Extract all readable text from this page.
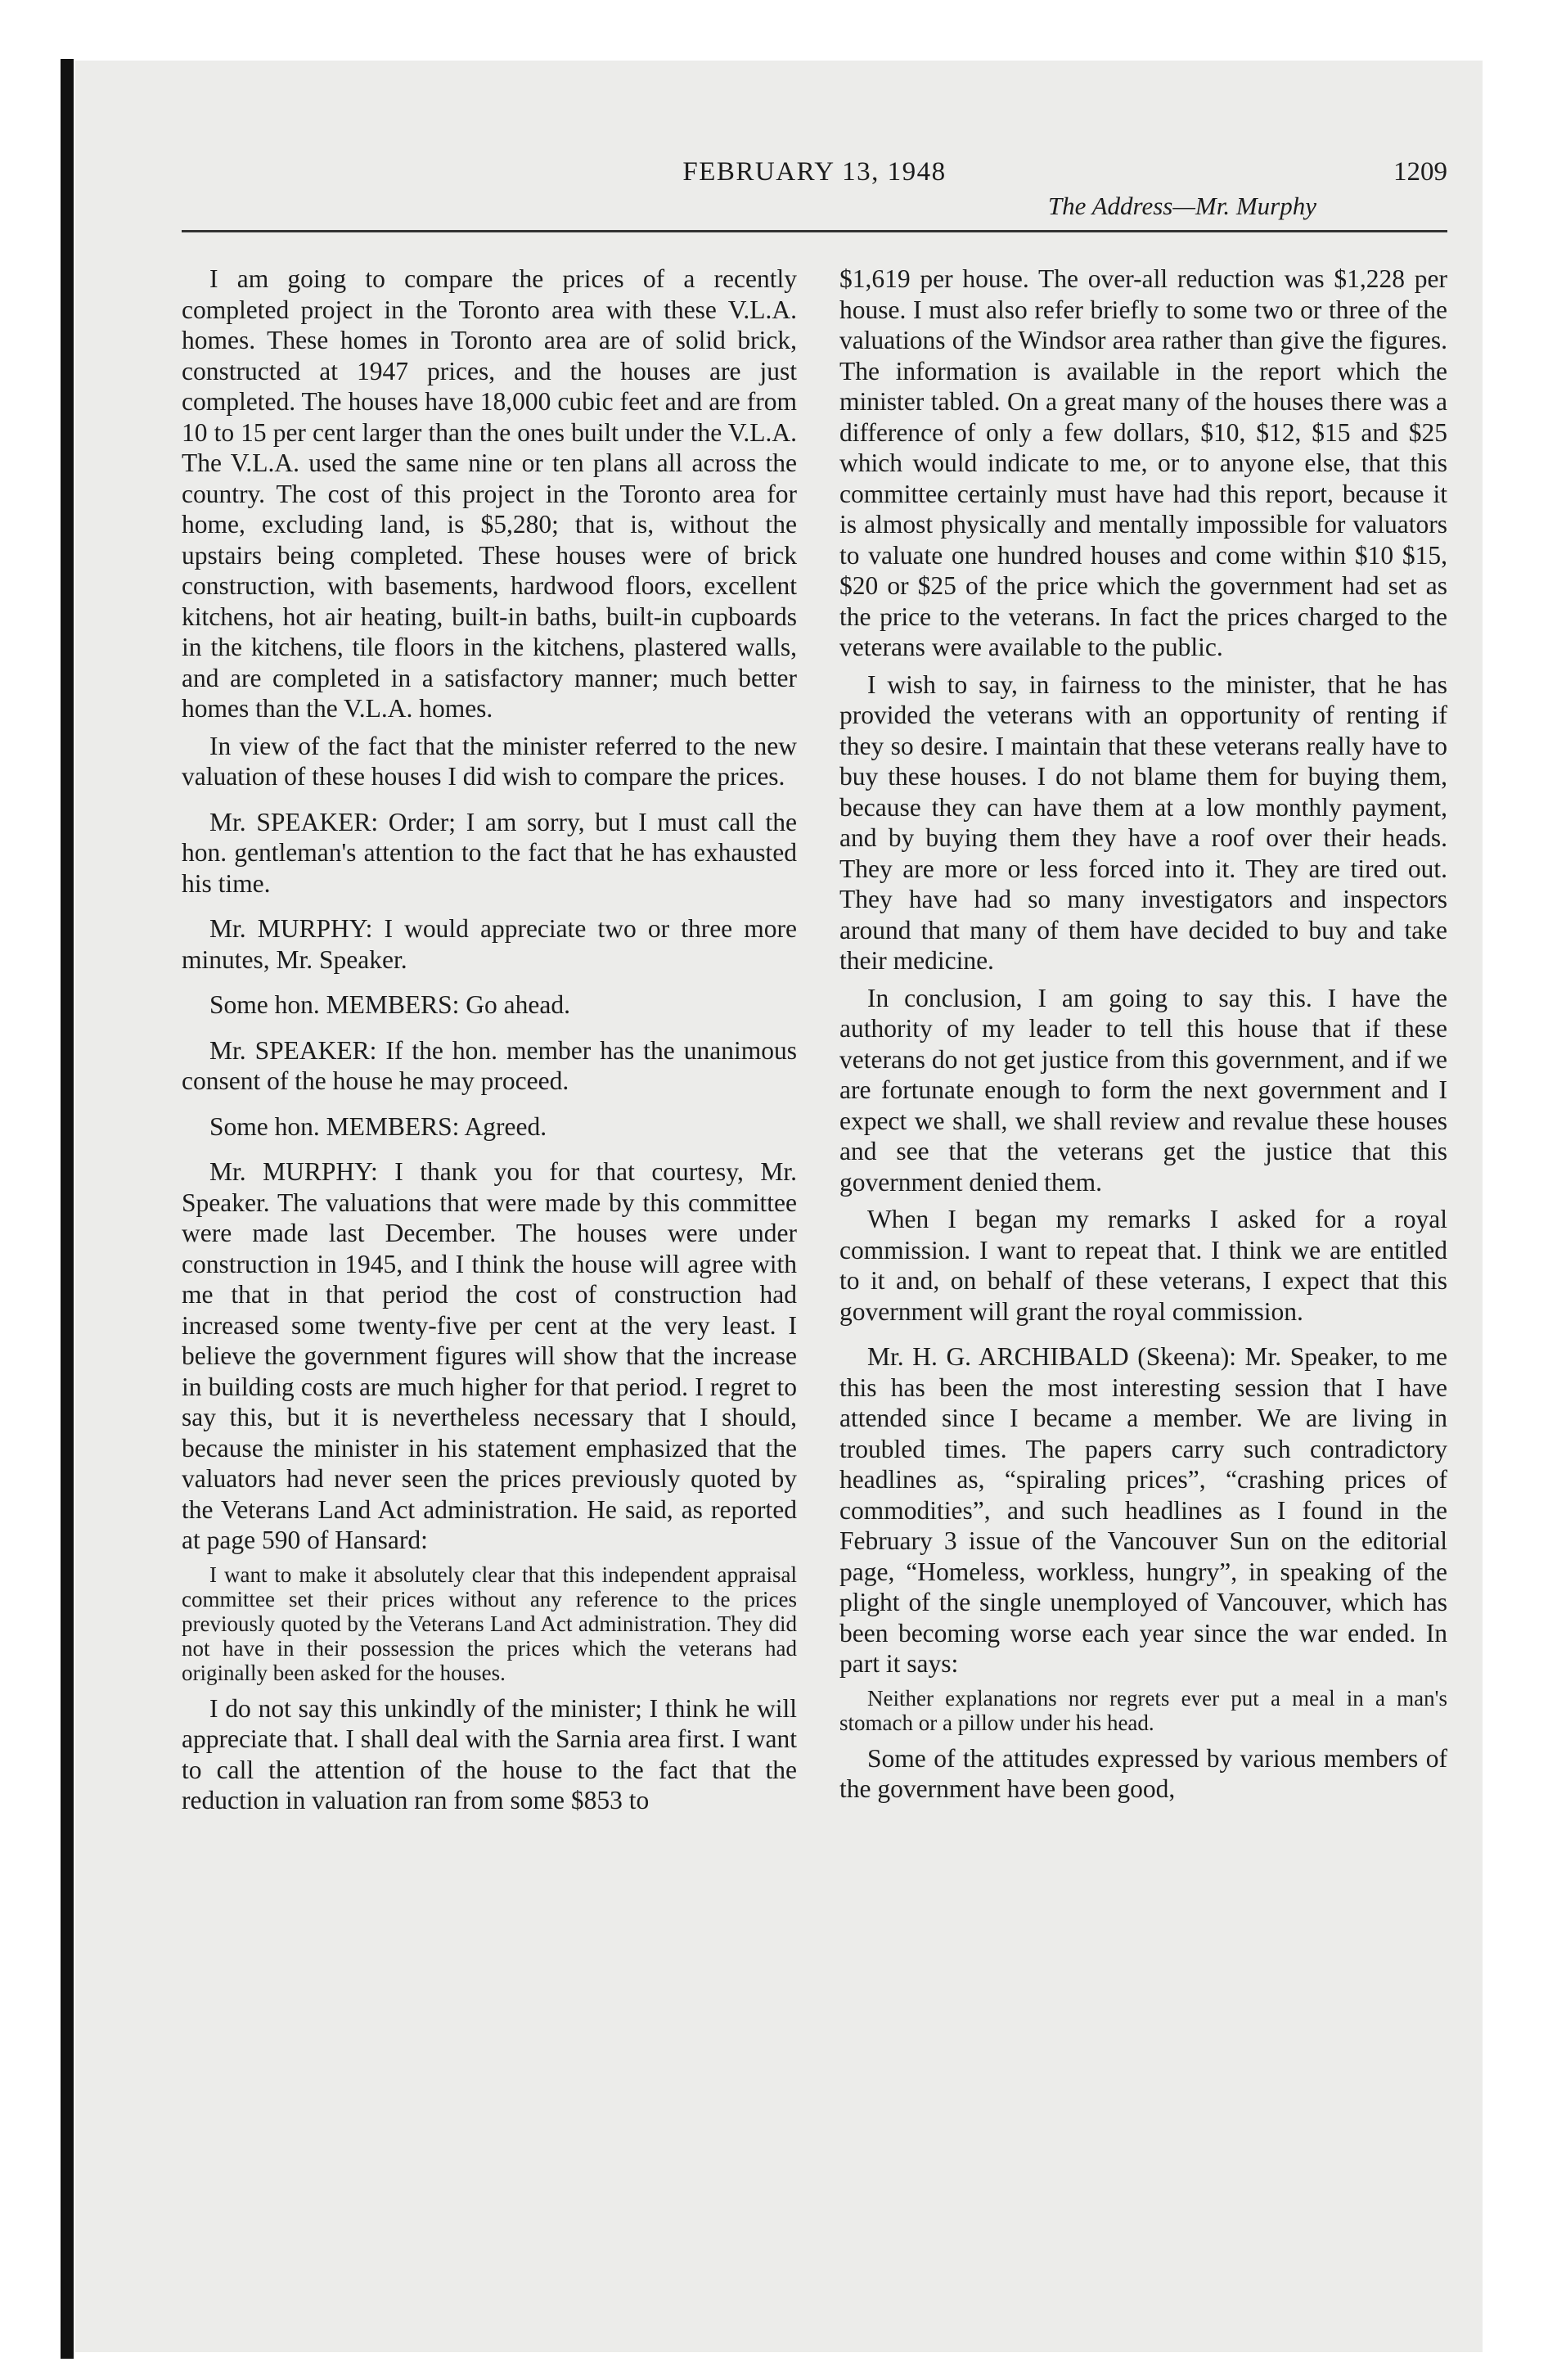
FEBRUARY 13, 1948	1209
The Address—Mr. Murphy

I am going to compare the prices of a recently completed project in the Toronto area with these V.L.A. homes. These homes in Toronto area are of solid brick, constructed at 1947 prices, and the houses are just completed. The houses have 18,000 cubic feet and are from 10 to 15 per cent larger than the ones built under the V.L.A. The V.L.A. used the same nine or ten plans all across the country. The cost of this project in the Toronto area for home, excluding land, is $5,280; that is, without the upstairs being completed. These houses were of brick construction, with basements, hardwood floors, excellent kitchens, hot air heating, built-in baths, built-in cupboards in the kitchens, tile floors in the kitchens, plastered walls, and are completed in a satisfactory manner; much better homes than the V.L.A. homes.

In view of the fact that the minister referred to the new valuation of these houses I did wish to compare the prices.

Mr. SPEAKER: Order; I am sorry, but I must call the hon. gentleman's attention to the fact that he has exhausted his time.

Mr. MURPHY: I would appreciate two or three more minutes, Mr. Speaker.

Some hon. MEMBERS: Go ahead.

Mr. SPEAKER: If the hon. member has the unanimous consent of the house he may proceed.

Some hon. MEMBERS: Agreed.

Mr. MURPHY: I thank you for that courtesy, Mr. Speaker. The valuations that were made by this committee were made last December. The houses were under construction in 1945, and I think the house will agree with me that in that period the cost of construction had increased some twenty-five per cent at the very least. I believe the government figures will show that the increase in building costs are much higher for that period. I regret to say this, but it is nevertheless necessary that I should, because the minister in his statement emphasized that the valuators had never seen the prices previously quoted by the Veterans Land Act administration. He said, as reported at page 590 of Hansard:

I want to make it absolutely clear that this independent appraisal committee set their prices without any reference to the prices previously quoted by the Veterans Land Act administration. They did not have in their possession the prices which the veterans had originally been asked for the houses.

I do not say this unkindly of the minister; I think he will appreciate that. I shall deal with the Sarnia area first. I want to call the attention of the house to the fact that the reduction in valuation ran from some $853 to

$1,619 per house. The over-all reduction was $1,228 per house. I must also refer briefly to some two or three of the valuations of the Windsor area rather than give the figures. The information is available in the report which the minister tabled. On a great many of the houses there was a difference of only a few dollars, $10, $12, $15 and $25 which would indicate to me, or to anyone else, that this committee certainly must have had this report, because it is almost physically and mentally impossible for valuators to valuate one hundred houses and come within $10 $15, $20 or $25 of the price which the government had set as the price to the veterans. In fact the prices charged to the veterans were available to the public.

I wish to say, in fairness to the minister, that he has provided the veterans with an opportunity of renting if they so desire. I maintain that these veterans really have to buy these houses. I do not blame them for buying them, because they can have them at a low monthly payment, and by buying them they have a roof over their heads. They are more or less forced into it. They are tired out. They have had so many investigators and inspectors around that many of them have decided to buy and take their medicine.

In conclusion, I am going to say this. I have the authority of my leader to tell this house that if these veterans do not get justice from this government, and if we are fortunate enough to form the next government and I expect we shall, we shall review and revalue these houses and see that the veterans get the justice that this government denied them.

When I began my remarks I asked for a royal commission. I want to repeat that. I think we are entitled to it and, on behalf of these veterans, I expect that this government will grant the royal commission.

Mr. H. G. ARCHIBALD (Skeena): Mr. Speaker, to me this has been the most interesting session that I have attended since I became a member. We are living in troubled times. The papers carry such contradictory headlines as, “spiraling prices”, “crashing prices of commodities”, and such headlines as I found in the February 3 issue of the Vancouver Sun on the editorial page, “Homeless, workless, hungry”, in speaking of the plight of the single unemployed of Vancouver, which has been becoming worse each year since the war ended. In part it says:

Neither explanations nor regrets ever put a meal in a man's stomach or a pillow under his head.

Some of the attitudes expressed by various members of the government have been good,
